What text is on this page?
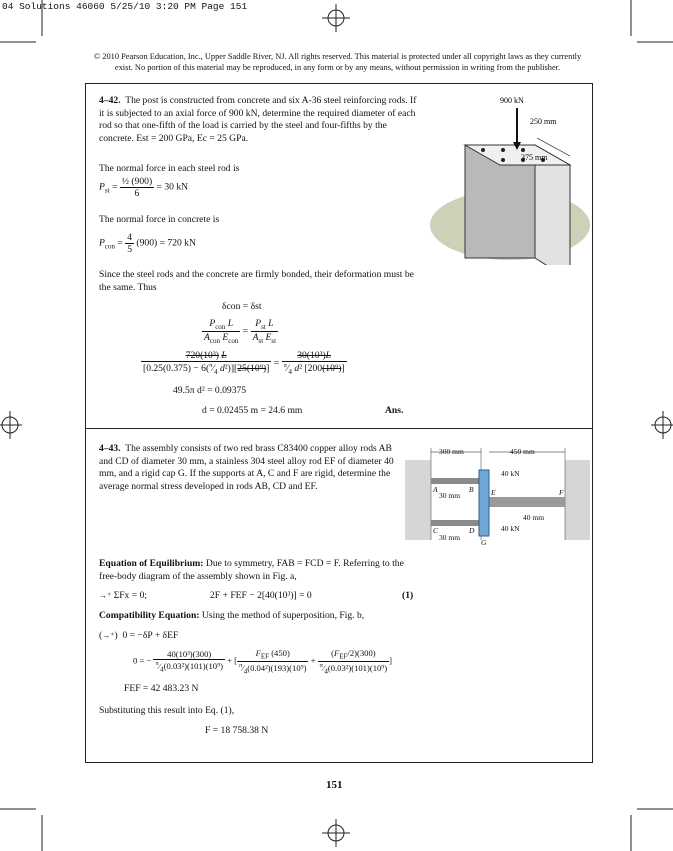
04 Solutions 46060 5/25/10 3:20 PM Page 151
© 2010 Pearson Education, Inc., Upper Saddle River, NJ. All rights reserved. This material is protected under all copyright laws as they currently
exist. No portion of this material may be reproduced, in any form or by any means, without permission in writing from the publisher.
4–42. The post is constructed from concrete and six A-36 steel reinforcing rods. If it is subjected to an axial force of 900 kN, determine the required diameter of each rod so that one-fifth of the load is carried by the steel and four-fifths by the concrete. Est = 200 GPa, Ec = 25 GPa.
The normal force in each steel rod is
$P_{st} = \frac{\text{½ (900)}}{6} = 30$ kN
The normal force in concrete is
$P_{con} = \frac{4}{5} (900) = 720$ kN
Since the steel rods and the concrete are firmly bonded, their deformation must be the same. Thus
δcon = δst
$\frac{P_{con} L}{A_{con} E_{con}} = \frac{P_{st} L}{A_{st} E_{st}}$
$\frac{\text{720(10³) L}}{[0.25(0.375) - 6(^\pi⁄_4 d^2)][25(10^9)]} = \frac{\text{30(10³)L}}{^\pi⁄_4 d^2 [200(10^9)]}$
49.5π d² = 0.09375
d = 0.02455 m = 24.6 mm	Ans.
900 kN
250 mm
375 mm
4–43. The assembly consists of two red brass C83400 copper alloy rods AB and CD of diameter 30 mm, a stainless 304 steel alloy rod EF of diameter 40 mm, and a rigid cap G. If the supports at A, C and F are rigid, determine the average normal stress developed in rods AB, CD and EF.
300 mm	450 mm
40 kN
40 kN
30 mm
30 mm
40 mm
A	B E	F
C	D
G
Equation of Equilibrium: Due to symmetry, FAB = FCD = F. Referring to the free-body diagram of the assembly shown in Fig. a,
→⁺ ΣFx = 0;	2F + FEF − 2[40(10³)] = 0	(1)
Compatibility Equation: Using the method of superposition, Fig. b,
(→⁺)  0 = −δP + δEF
0 = − $\frac{\text{40(10³)(300)}}{^\pi⁄_4(0.03^2)(101)(10^9)}$ + [ $\frac{F_{EF} (450)}{^\pi⁄_4(0.04^2)(193)(10^9)} + \frac{(F_{EF}/2)(300)}{^\pi⁄_4(0.03^2)(101)(10^9)}$ ]
FEF = 42 483.23 N
Substituting this result into Eq. (1),
F = 18 758.38 N
151
